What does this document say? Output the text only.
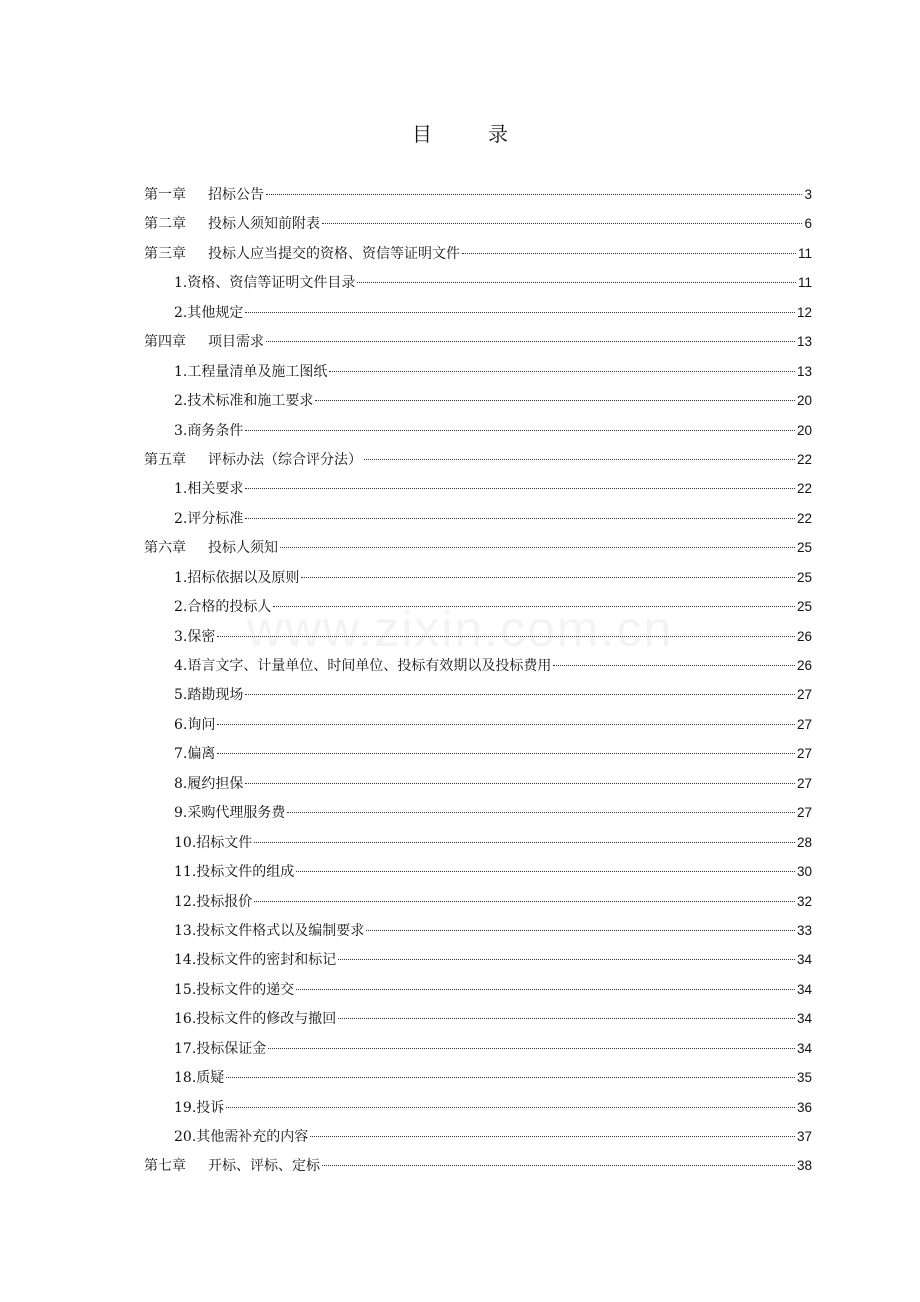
www.zixin.com.cn
目　录
第一章 招标公告	3
第二章 投标人须知前附表	6
第三章 投标人应当提交的资格、资信等证明文件	11
1.资格、资信等证明文件目录	11
2.其他规定	12
第四章 项目需求	13
1.工程量清单及施工图纸	13
2.技术标准和施工要求	20
3.商务条件	20
第五章 评标办法（综合评分法）	22
1.相关要求	22
2.评分标准	22
第六章 投标人须知	25
1.招标依据以及原则	25
2.合格的投标人	25
3.保密	26
4.语言文字、计量单位、时间单位、投标有效期以及投标费用	26
5.踏勘现场	27
6.询问	27
7.偏离	27
8.履约担保	27
9.采购代理服务费	27
10.招标文件	28
11.投标文件的组成	30
12.投标报价	32
13.投标文件格式以及编制要求	33
14.投标文件的密封和标记	34
15.投标文件的递交	34
16.投标文件的修改与撤回	34
17.投标保证金	34
18.质疑	35
19.投诉	36
20.其他需补充的内容	37
第七章 开标、评标、定标	38
